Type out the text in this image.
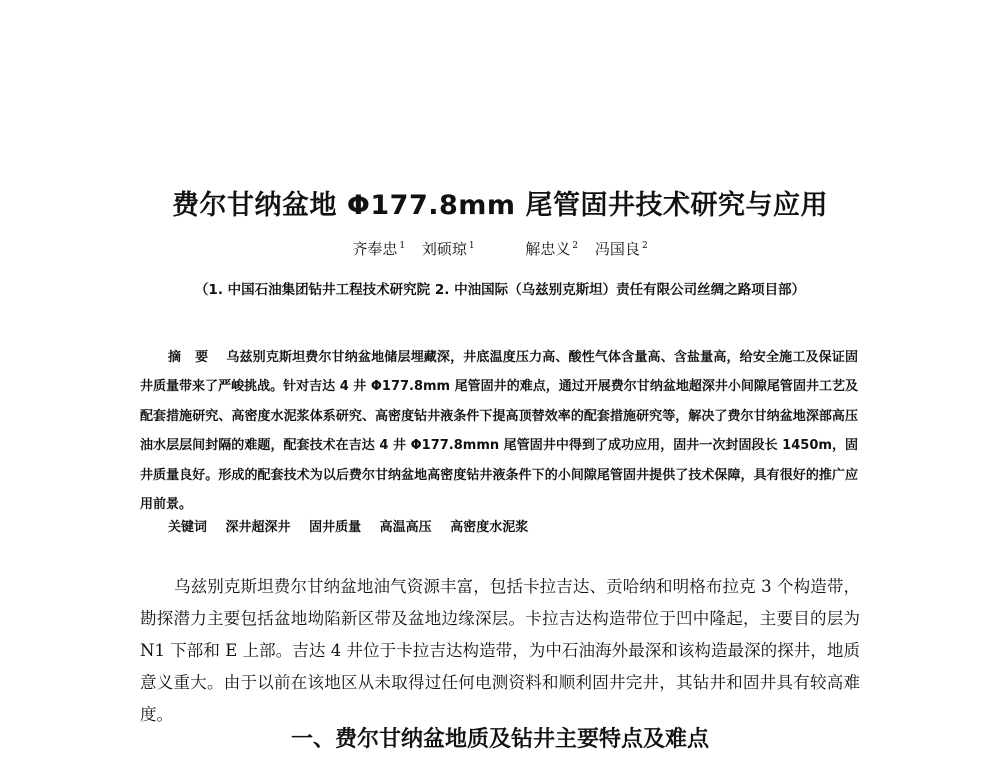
费尔甘纳盆地 Φ177.8mm 尾管固井技术研究与应用
齐奉忠 $^1$ 刘硕琼 $^1$	解忠义 $^2$ 冯国良 $^2$
（1. 中国石油集团钻井工程技术研究院 2. 中油国际（乌兹别克斯坦）责任有限公司丝绸之路项目部）
摘要 乌兹别克斯坦费尔甘纳盆地储层埋藏深，井底温度压力高、酸性气体含量高、含盐量高，给安全施工及保证固井质量带来了严峻挑战。针对吉达 4 井 Φ177.8mm 尾管固井的难点，通过开展费尔甘纳盆地超深井小间隙尾管固井工艺及配套措施研究、高密度水泥浆体系研究、高密度钻井液条件下提高顶替效率的配套措施研究等，解决了费尔甘纳盆地深部高压油水层层间封隔的难题，配套技术在吉达 4 井 Φ177.8mmn 尾管固井中得到了成功应用，固井一次封固段长 1450m，固井质量良好。形成的配套技术为以后费尔甘纳盆地高密度钻井液条件下的小间隙尾管固井提供了技术保障，具有很好的推广应用前景。
关键词 深井超深井 固井质量 高温高压 高密度水泥浆

乌兹别克斯坦费尔甘纳盆地油气资源丰富，包括卡拉吉达、贡哈纳和明格布拉克 3 个构造带，勘探潜力主要包括盆地坳陷新区带及盆地边缘深层。卡拉吉达构造带位于凹中隆起，主要目的层为 N1 下部和 E 上部。吉达 4 井位于卡拉吉达构造带，为中石油海外最深和该构造最深的探井，地质意义重大。由于以前在该地区从未取得过任何电测资料和顺利固井完井，其钻井和固井具有较高难度。

一、费尔甘纳盆地质及钻井主要特点及难点
